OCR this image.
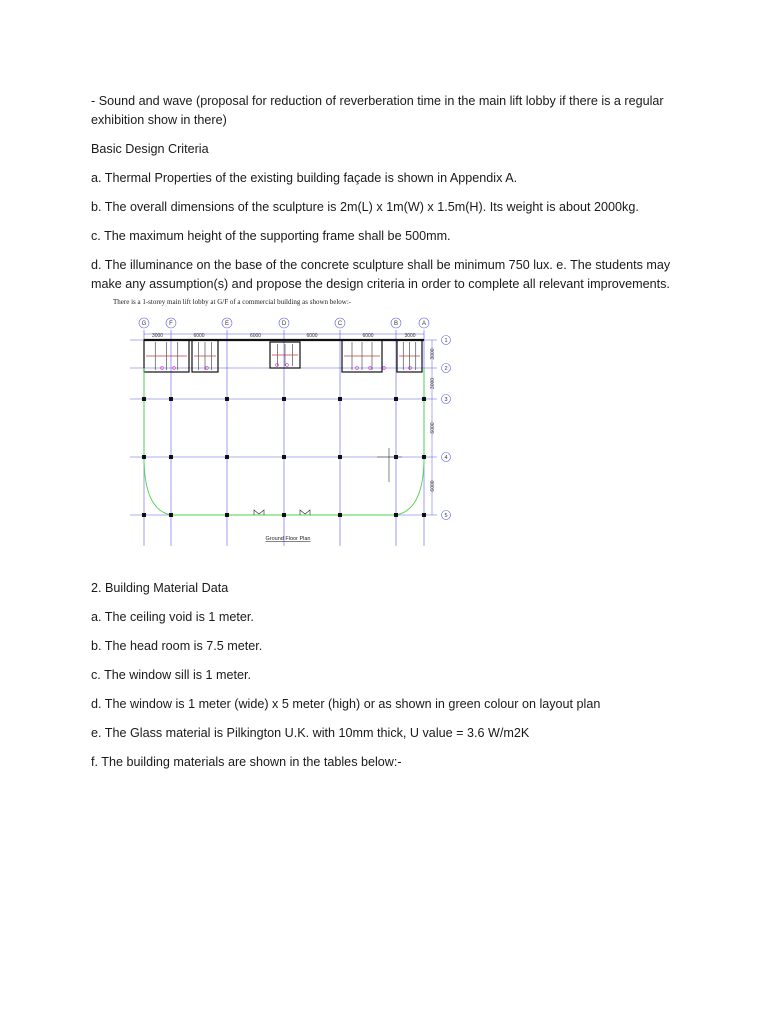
- Sound and wave (proposal for reduction of reverberation time in the main lift lobby if there is a regular exhibition show in there)

Basic Design Criteria

a. Thermal Properties of the existing building façade is shown in Appendix A.

b. The overall dimensions of the sculpture is 2m(L) x 1m(W) x 1.5m(H). Its weight is about 2000kg.

c. The maximum height of the supporting frame shall be 500mm.

d. The illuminance on the base of the concrete sculpture shall be minimum 750 lux. e. The students may make any assumption(s) and propose the design criteria in order to complete all relevant improvements.

There is a 1-storey main lift lobby at G/F of a commercial building as shown below:-

G	F	E	D	C	B	A
3000	6000	6000	6000	6000	3000
1
2
3
4
5
3000
3000
6000
6000
Ground Floor Plan

2. Building Material Data

a. The ceiling void is 1 meter.

b. The head room is 7.5 meter.

c. The window sill is 1 meter.

d. The window is 1 meter (wide) x 5 meter (high) or as shown in green colour on layout plan

e. The Glass material is Pilkington U.K. with 10mm thick, U value = 3.6 W/m2K

f. The building materials are shown in the tables below:-
